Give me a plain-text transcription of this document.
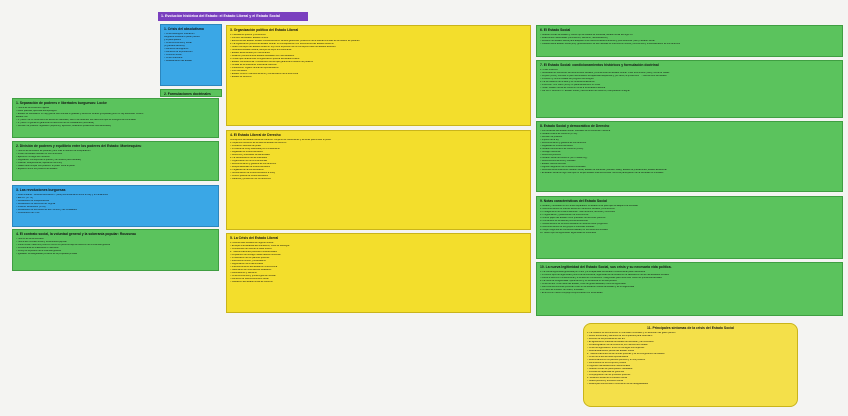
1. Evolución histórica del Estado: el Estado Liberal y el Estado Social
1. Crisis del absolutismo
– Crisis ideológica: Ilustración
burguesía reclama el poder político
y la participación
– Crisis económica y social
(5 grandes factores):
– Aumento demográfico
– Aumento de la producción
– Conflicto social
– Crisis financiera
– Debilitamiento del Estado
2. Formulaciones doctrinales
1. Separación de poderes e libertades burguesas: Locke
– Teoría de la revolución inglesa
– Autor pactista, optimista antropológico
– Estado de naturaleza: no hay guerra sino libertad e igualdad y derechos innatos (propiedad) pero no hay autoridad. Crea el
Estado civil
– 1º pacto: de no renuncia a los derechos naturales, sólo el de defender sus derechos que se entrega a la comunidad
– 2º pacto: el gobierno garantiza los derechos de los ciudadanos (revocable)
– División de poderes: legislativo (supremo), ejecutivo, federativo (relaciones internacionales)
2. División de poderes y equilibrio entre los poderes del Estado: Montesquieu
– Teórico de la división de poderes, pero más un teórico de la separación
– Poder del Estado dividido en tres funciones
– Ejecutivo: a cargo del monarca
– Legislativo: corresponde al pueblo y la nobleza (dos cámaras)
– Judicial: independiente, aplicación de la ley
– Nadie debe ocupar dos poderes: el poder frena al poder
– Equilibrio entre los poderes del Estado
3. Las revoluciones burguesas
– Gran Bretaña: "Gloriosa Revolución" (1688) enfrentamiento entre el Rey y el Parlamento
– EE.UU. (1776)
– Declaración de Independencia
– Declaración de Derechos de Virginia
– Francia: Revolución (1789)
– Declaración de los Derechos del Hombre y del Ciudadano
– Constitución de 1791
4. El contrato social, la voluntad general y la soberanía popular: Rousseau
– Teórico de la democracia
– Teoría del contrato social y la soberanía popular
– Pacto social: cada uno pone en común su persona bajo la dirección de la voluntad general
– La soberanía es inalienable e indivisible
– La ley es expresión de la voluntad general
– Igualdad: la desigualdad proviene de la propiedad privada
3. Organización política del Estado Liberal
1. Liberalismo político y económico
– Función del Estado: Estado mínimo
– Estructura del Estado: Estado constitucional en sentido garantista: protección de la libertad a través de la división de poderes.
2. La organización política del Estado Liberal: su contraposición con la estructura del Estado Moderno
– Nuevo concepto del Estado Moderno: ley como expresión de los conceptos clave del Estado absoluto:
– Soberanía estatal unitaria, siempre al suplir a la soberanía
– Estado administrado por funcionarios
– Relación política directa Estado-ciudadano sin intermediarios
3. Notas que caracterizan la organización política del Estado Liberal
– Estado Constitucional: Constitución escrita que garantiza la división de poderes
– Unidad de la soberanía: soberanía nacional
– Parlamento: órgano central de representación
– Voto censitario
– Estado mínimo: intervencionismo y conservación de la economía
– Estado de Derecho
4. El Estado Liberal de Derecho
Concepción del Estado liberal de Derecho: conjunto de instituciones y técnicas para limitar el poder
1. Aspectos históricos de la idea de Estado de Derecho
– Limitación racional del poder
– Primacía de la ley elaborada por el Parlamento
– Legalidad de la Administración
– Derechos y libertades fundamentales
2. La sustanciación de las libertades
– Organización en torno a la libertad
– Reconocimiento y garantía de los derechos
– Responsabilidad de la Administración
3. Legalidad de la Administración
– Sometimiento de la Administración a la ley
– Control judicial de la Administración
– Garantía y protección de los derechos
5. La Crisis del Estado Liberal
1. Deficiencias sociales del régimen liberal
– Enfoque individualista del liberalismo, crisis de ideología
– Condiciones de vida de la clase obrera
2. Transformaciones políticas e institucionales
– Ampliación del sufragio hasta hacerse universal
– Proliferación de los partidos políticos
– Movimiento obrero y sindicalismo
– Legitimación de la democracia
– Intervencionismo del Estado en la economía
– Nacimiento de movimientos totalitarios
– Autoritarismo y fascismo
– Crisis económica y primera guerra mundial
– Aumento de intervencionismo social
– Gestación del Estado social de Derecho
6. El Estado Social
– Nuevas formas de Estado y nuevo tipo de estado de bienestar, Estado social del siglo XX
– Reacciones intelectuales (comunismo, fascismo, neoliberalismo)
– Revisión del Estado liberal para adaptarlo a la nueva sociedad industrial y post-industrial (1945): Estado Social
– Característica Estado Social (ES): generalización de las medidas de intervención social y económica y universalización de los derechos
7. El Estado Social: condicionamientos históricos y formulación doctrinal
1. Crisis histórica
– Necesidad de solucionar las disfunciones sociales y económicas del Estado Liberal: crisis económica (1929), lucha de clases
– Keynes (1936): eliminar el paro aumentando la capacidad adquisitiva y, por tanto, la producción → intervención del Estado
– Previsión y control estatal del progreso tecnológico
2. La formulación de la idea y su constitucionalización
– Precursor: Von Stein (1850): el parlamentarismo en crisis
– Heller: Estado Social de Derecho frente a la dictadura fascista
– CE 1978: artículo 1.1. Estado Social y democrático de Derecho, interpretación integral
8. Estado Social y democrático de Derecho
– Forma actual del Estado liberal: resultado de su evolución histórica
1. Estado Liberal de Derecho (1789):
– División de poderes
– Imperio de la ley
– Reconocimiento y garantía de los derechos
– Legalidad de la Administración
2. Estado Democrático de Derecho (1900):
– Sufragio universal
– Derechos políticos
3. Estado Social de Derecho (1870 hasta hoy):
– Derechos económicos y sociales
– Estado intervencionista
– Alguna integración de corrientes sindicales:
– Diversas denominaciones: Estado Social, Estado de Bienestar (Welfare State), Estado de prestaciones, Estado asistencial
– El Estado Social se sigo más que un simple Estado intervencionista: mira a la participación de la sociedad en el Estado
9. Notas características del Estado Social
1. Estado y Sociedad no son entes separados: el Estado sirve para que se adapte a la sociedad
2. Reconocimiento de nuevos derechos: derechos sociales y económicos
3. Protagonismo de la Administración: más recursos, técnicas y funciones
4. Programación y planificación de la economía
5. Nuevo papel del Estado como prestador de servicios públicos
6. Conversión de la idea de procura existencial
7. Redistribución de la renta mediante un sistema fiscal progresivo
8. Reconocimiento de los grupos e intereses sociales
9. Mayor exigencia de constitucionalidad, en los derechos sociales
10. Nuevo tipo de legitimidad: legitimidad de la eficacia
10. La nueva legitimidad del Estado Social, sus crisis y su necesaria vida política.
1. La nueva legitimidad generada por el ES y la incapacidad del Estado Constitucional para mantenerla
– Primeros tipos de legitimidad: junto a la democrática, legitimidad de la eficacia en la satisfacción de las necesidades sociales
– Afecta a Derecho Constitucional y a la idea de Constitución: inseguridad para reconocer todos los problemas actuales
2. La crisis de la legitimidad: típica del ES y su incidencia en la vida política
– Crisis del ES: crisis fiscal del Estado, crisis de gobernabilidad, crisis de legitimidad
– Las crisis económicas provocan crisis en la actuación social del Estado y de su legitimidad
3. A modo de síntesis: de nuevo, el Estado
– El ES es un nuevo complejo comprometido con la sociedad
11. Principales síntomas de la crisis del Estado Social
1. La invasión de la economía: un mercado controlado y un desorden del gasto público
– Déficit estructural y aumento de los impuestos para financiarlo
– Recorte de las prestaciones del ES
– El agotamiento material del Estado de bienestar y la burocracia
– La desregulación de la economía, sin intervención estatal
– Crisis de legitimación: el ES no consigue sus objetivos
– Desmantelamiento parcial del Estado Social
2. Transformaciones de las formas políticas y de la configuración del Estado
– Crisis de la democracia representativa
– Desconfianza en los partidos políticos y en los políticos
– Fenómenos de la corrupción política
3. Algunas manifestaciones institucionales
– Nuevas formas de participación ciudadana
– Pérdida de capacidad de gobernar
– Complejización de los procesos políticos
4. Situación actual de la cuestión social
– Nueva pobreza y exclusión social
– Desempleo estructural e incremento de las desigualdades
